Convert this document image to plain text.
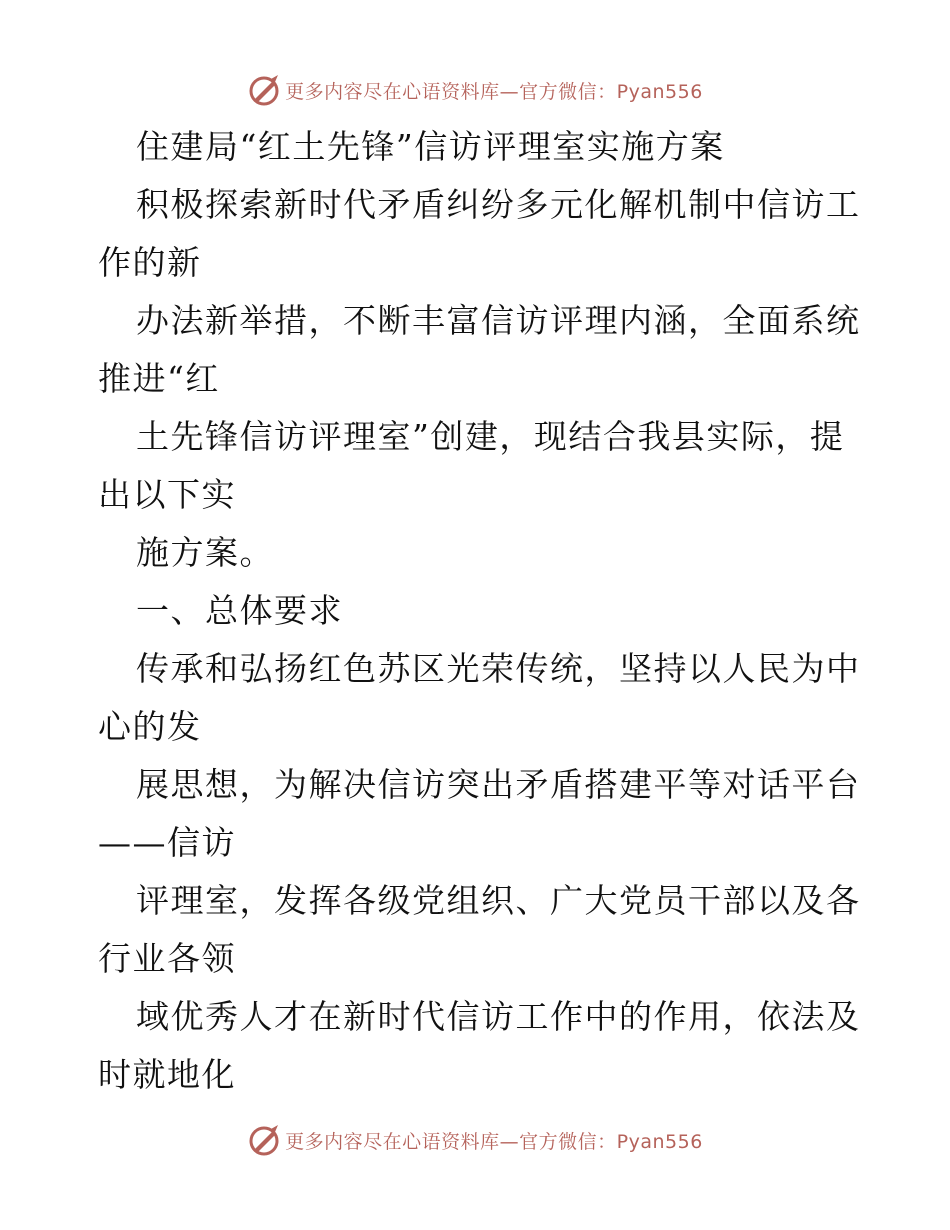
更多内容尽在心语资料库—官方微信：Pyan556
住建局“红土先锋”信访评理室实施方案
积极探索新时代矛盾纠纷多元化解机制中信访工
作的新
办法新举措，不断丰富信访评理内涵，全面系统
推进“红
土先锋信访评理室”创建，现结合我县实际，提
出以下实
施方案。
一、总体要求
传承和弘扬红色苏区光荣传统，坚持以人民为中
心的发
展思想，为解决信访突出矛盾搭建平等对话平台
——信访
评理室，发挥各级党组织、广大党员干部以及各
行业各领
域优秀人才在新时代信访工作中的作用，依法及
时就地化
更多内容尽在心语资料库—官方微信：Pyan556
